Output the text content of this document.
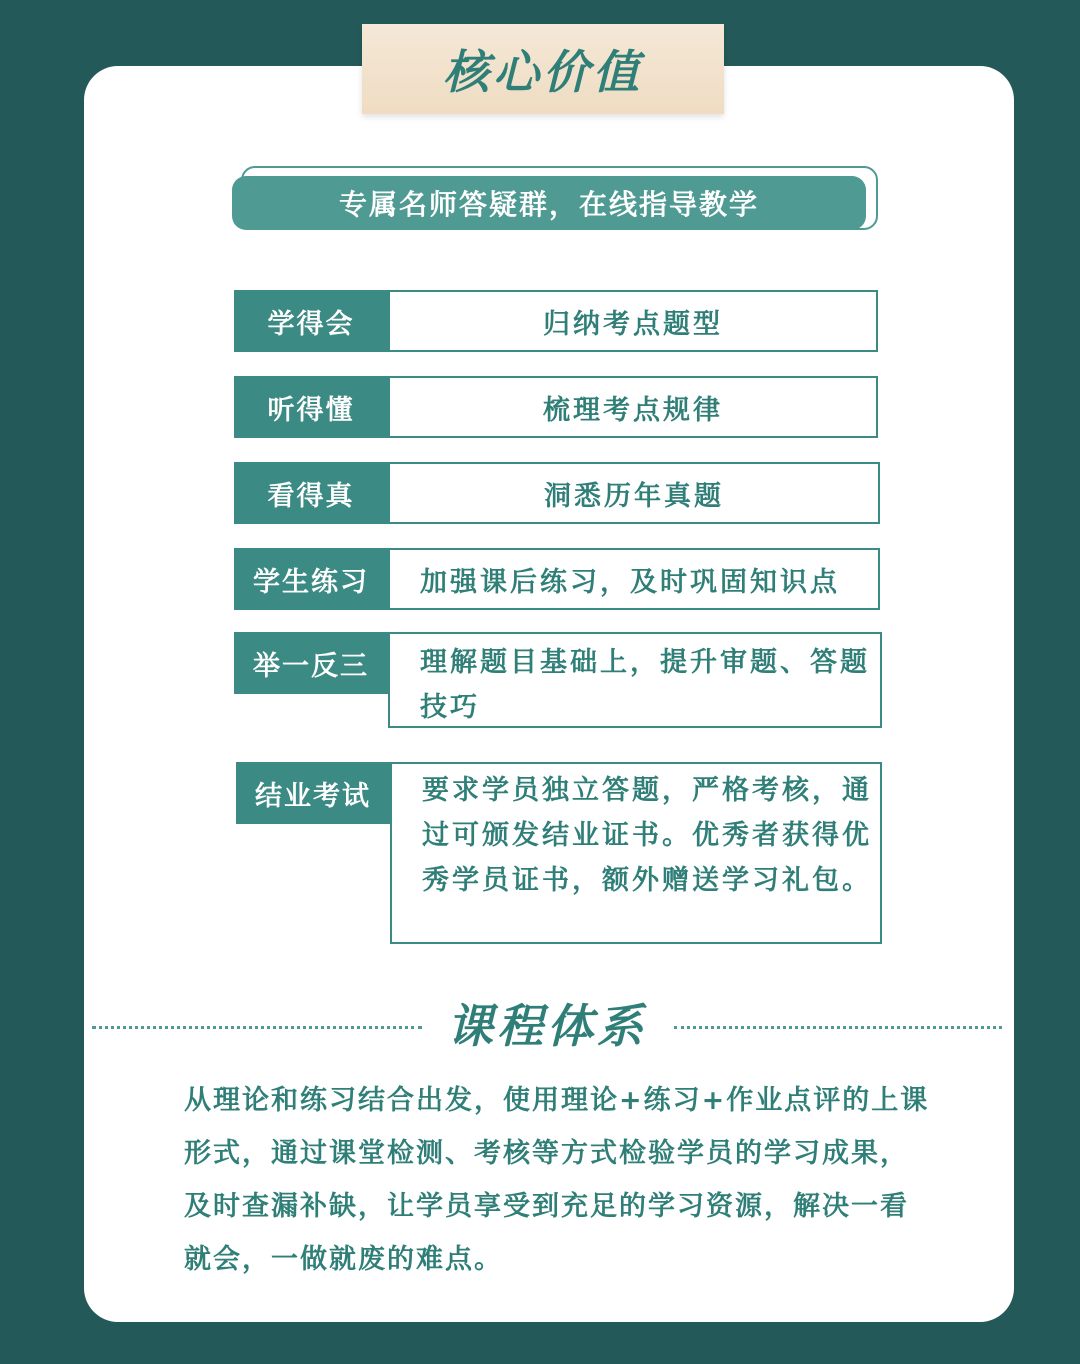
核心价值
专属名师答疑群，在线指导教学
学得会	归纳考点题型
听得懂	梳理考点规律
看得真	洞悉历年真题
学生练习	加强课后练习，及时巩固知识点
举一反三	理解题目基础上，提升审题、答题技巧
结业考试	要求学员独立答题，严格考核，通过可颁发结业证书。优秀者获得优秀学员证书，额外赠送学习礼包。
课程体系
从理论和练习结合出发，使用理论+练习+作业点评的上课形式，通过课堂检测、考核等方式检验学员的学习成果，及时查漏补缺，让学员享受到充足的学习资源，解决一看就会，一做就废的难点。
